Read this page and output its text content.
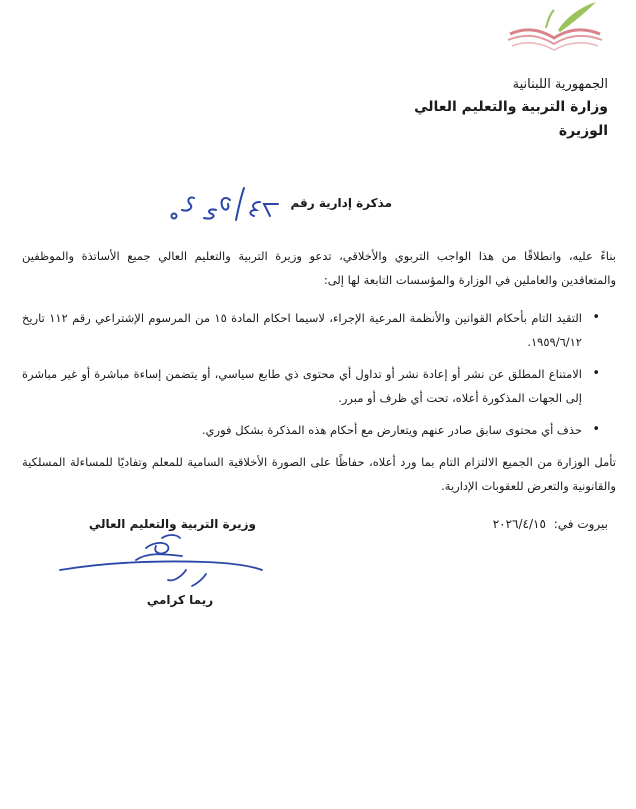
الجمهورية اللبنانية
وزارة التربية والتعليم العالي
الوزيرة
مذكرة إدارية رقم
بناءً عليه، وانطلاقًا من هذا الواجب التربوي والأخلاقي، تدعو وزيرة التربية والتعليم العالي جميع الأساتذة والموظفين والمتعاقدين والعاملين في الوزارة والمؤسسات التابعة لها إلى:
• التقيد التام بأحكام القوانين والأنظمة المرعية الإجراء، لاسيما احكام المادة ١٥ من المرسوم الإشتراعي رقم ١١٢ تاريخ ١٩٥٩/٦/١٢.
• الامتناع المطلق عن نشر أو إعادة نشر أو تداول أي محتوى ذي طابع سياسي، أو يتضمن إساءة مباشرة أو غير مباشرة إلى الجهات المذكورة أعلاه، تحت أي ظرف أو مبرر.
• حذف أي محتوى سابق صادر عنهم ويتعارض مع أحكام هذه المذكرة بشكل فوري.
تأمل الوزارة من الجميع الالتزام التام بما ورد أعلاه، حفاظًا على الصورة الأخلاقية السامية للمعلم وتفاديًا للمساءلة المسلكية والقانونية والتعرض للعقوبات الإدارية.
بيروت في: ٢٠٢٦/٤/١٥
وزيرة التربية والتعليم العالي
ريما كرامي
